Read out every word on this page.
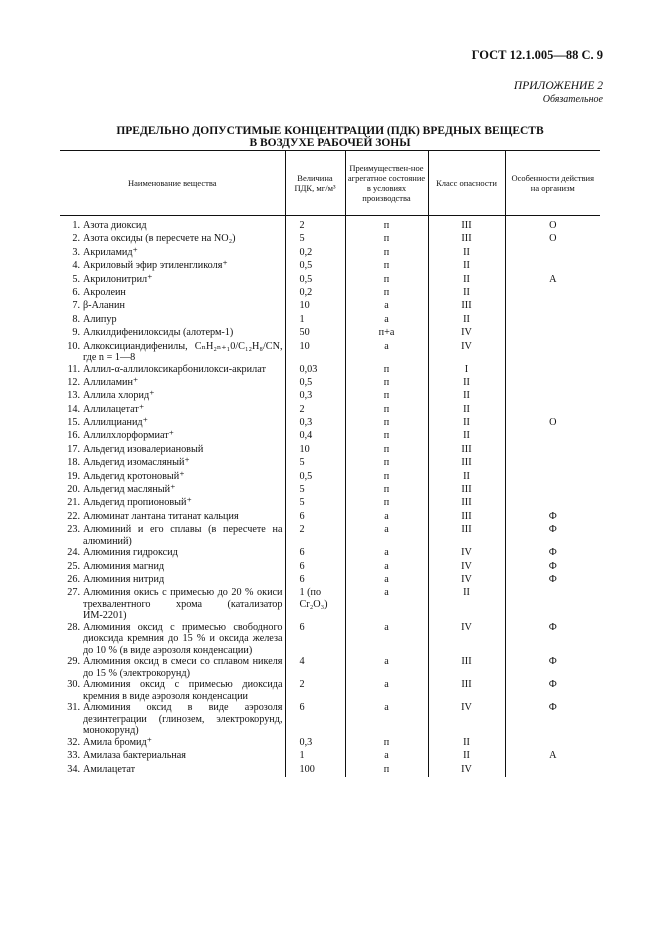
ГОСТ 12.1.005—88 С. 9
ПРИЛОЖЕНИЕ 2
Обязательное
ПРЕДЕЛЬНО ДОПУСТИМЫЕ КОНЦЕНТРАЦИИ (ПДК) ВРЕДНЫХ ВЕЩЕСТВ
В ВОЗДУХЕ РАБОЧЕЙ ЗОНЫ
Наименование вещества	Величина ПДК, мг/м³	Преимуществен-ное агрегатное состояние в условиях производства	Класс опасности	Особенности действия на организм

1. Азота диоксид	2	п	III	О

2. Азота оксиды (в пересчете на NO₂)	5	п	III	О

3. Акриламид⁺	0,2	п	II	

4. Акриловый эфир этиленгликоля⁺	0,5	п	II	

5. Акрилонитрил⁺	0,5	п	II	А

6. Акролеин	0,2	п	II	

7. β-Аланин	10	а	III	

8. Алипур	1	а	II	

9. Алкилдифенилоксиды (алотерм-1)	50	п+а	IV	

10. Алкоксициандифенилы, CₙH₂ₙ₊₁0/C₁₂H₈/CN, где n = 1—8	10	а	IV	

11. Аллил-α-аллилоксикарбонилокси-акрилат	0,03	п	I	

12. Аллиламин⁺	0,5	п	II	

13. Аллила хлорид⁺	0,3	п	II	

14. Аллилацетат⁺	2	п	II	

15. Аллилцианид⁺	0,3	п	II	О

16. Аллилхлорформиат⁺	0,4	п	II	

17. Альдегид изовалериановый	10	п	III	

18. Альдегид изомасляный⁺	5	п	III	

19. Альдегид кротоновый⁺	0,5	п	II	

20. Альдегид масляный⁺	5	п	III	

21. Альдегид пропионовый⁺	5	п	III	

22. Алюминат лантана титанат кальция	6	а	III	Ф

23. Алюминий и его сплавы (в пересчете на алюминий)	2	а	III	Ф

24. Алюминия гидроксид	6	а	IV	Ф

25. Алюминия магнид	6	а	IV	Ф

26. Алюминия нитрид	6	а	IV	Ф

27. Алюминия окись с примесью до 20 % окиси трехвалентного хрома (катализатор ИМ-2201)	1 (по Cr₂O₃)	а	II	

28. Алюминия оксид с примесью свободного диоксида кремния до 15 % и оксида железа до 10 % (в виде аэрозоля конденсации)	6	а	IV	Ф

29. Алюминия оксид в смеси со сплавом никеля до 15 % (электрокорунд)	4	а	III	Ф

30. Алюминия оксид с примесью диоксида кремния в виде аэрозоля конденсации	2	а	III	Ф

31. Алюминия оксид в виде аэрозоля дезинтеграции (глинозем, электрокорунд, монокорунд)	6	а	IV	Ф

32. Амила бромид⁺	0,3	п	II	

33. Амилаза бактериальная	1	а	II	А

34. Амилацетат	100	п	IV	
